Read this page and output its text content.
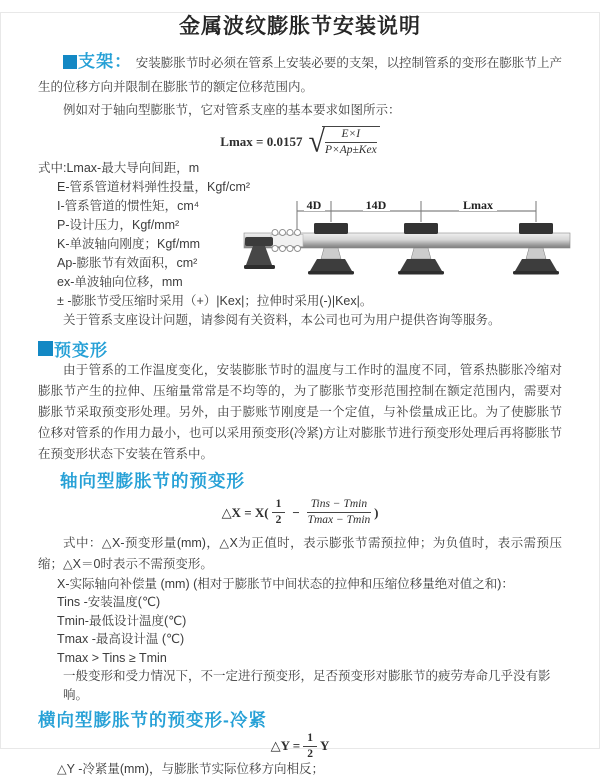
金属波纹膨胀节安装说明

支架： 安装膨胀节时必须在管系上安装必要的支架，以控制管系的变形在膨胀节上产生的位移方向并限制在膨胀节的额定位移范围内。

例如对于轴向型膨胀节，它对管系支座的基本要求如图所示：

Lmax = 0.0157 √ $\frac{E\times I}{\text{P×Ap±Kex}}$
式中:Lmax-最大导向间距，m
E-管系管道材料弹性投量，Kgf/cm²
I-管系管道的惯性矩，cm⁴
P-设计压力，Kgf/mm²
K-单波轴向刚度；Kgf/mm
Ap-膨胀节有效面积，cm²
ex-单波轴向位移，mm
± -膨胀节受压缩时采用（+）|Kex|；拉伸时采用(-)|Kex|。
关于管系支座设计问题，请参阅有关资料，本公司也可为用户提供咨询等服务。
4D	14D	Lmax
预变形

由于管系的工作温度变化，安装膨胀节时的温度与工作时的温度不同，管系热膨胀冷缩对膨胀节产生的拉伸、压缩量常常是不均等的，为了膨胀节变形范围控制在额定范围内，需要对膨胀节采取预变形处理。另外，由于膨账节刚度是一个定值，与补偿量成正比。为了使膨胀节位移对管系的作用力最小，也可以采用预变形(冷紧)方让对膨胀节进行预变形处理后再将膨胀节在预变形状态下安装在管系中。

轴向型膨胀节的预变形
△X = $X( \frac{1}{2} - \frac{\text{Tins − Tmin}}{Tmax - Tmin}$ )

式中：△X-预变形量(mm)，△X为正值时，表示膨张节需预拉伸；为负值时，表示需预压缩；△X＝0时表示不需预变形。

X-实际轴向补偿量 (mm) (相对于膨胀节中间状态的拉伸和压缩位移量绝对值之和)：
Tins -安装温度(℃)
Tmin-最低设计温度(℃)
Tmax -最高设计温 (℃)
Tmax > Tins ≥ Tmin
一般变形和受力情况下，不一定进行预变形，足否预变形对膨胀节的疲劳寿命几乎没有影响。
横向型膨胀节的预变形-冷紧
△Y = $\frac{1}{2}$ Y
△Y -冷紧量(mm)，与膨胀节实际位移方向相反；
